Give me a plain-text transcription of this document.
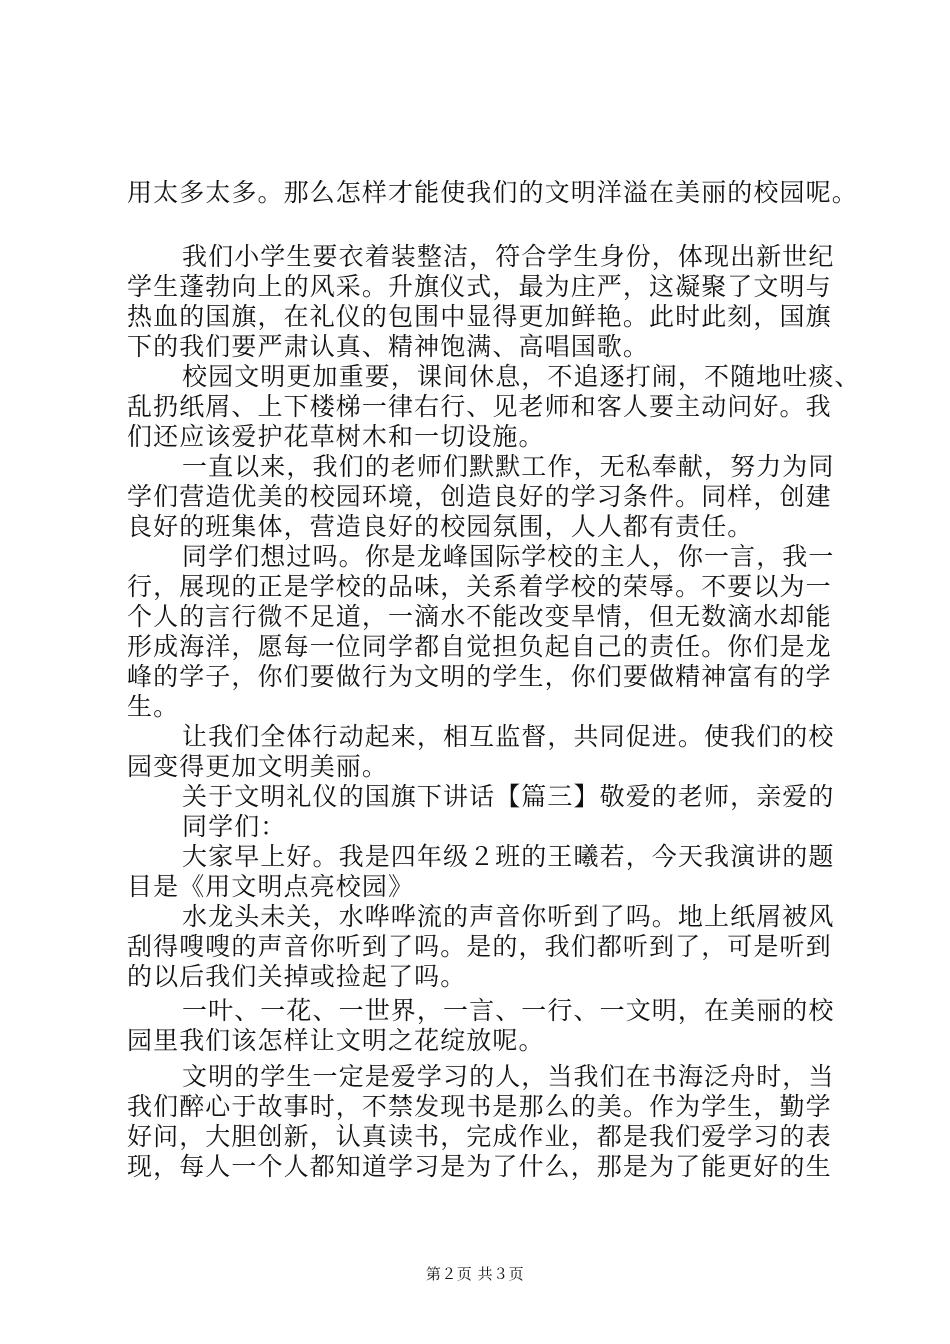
用太多太多。那么怎样才能使我们的文明洋溢在美丽的校园呢。
我们小学生要衣着装整洁，符合学生身份，体现出新世纪
学生蓬勃向上的风采。升旗仪式，最为庄严，这凝聚了文明与
热血的国旗，在礼仪的包围中显得更加鲜艳。此时此刻，国旗
下的我们要严肃认真、精神饱满、高唱国歌。
校园文明更加重要，课间休息，不追逐打闹，不随地吐痰、
乱扔纸屑、上下楼梯一律右行、见老师和客人要主动问好。我
们还应该爱护花草树木和一切设施。
一直以来，我们的老师们默默工作，无私奉献，努力为同
学们营造优美的校园环境，创造良好的学习条件。同样，创建
良好的班集体，营造良好的校园氛围，人人都有责任。
同学们想过吗。你是龙峰国际学校的主人，你一言，我一
行，展现的正是学校的品味，关系着学校的荣辱。不要以为一
个人的言行微不足道，一滴水不能改变旱情，但无数滴水却能
形成海洋，愿每一位同学都自觉担负起自己的责任。你们是龙
峰的学子，你们要做行为文明的学生，你们要做精神富有的学
生。
让我们全体行动起来，相互监督，共同促进。使我们的校
园变得更加文明美丽。
关于文明礼仪的国旗下讲话【篇三】敬爱的老师，亲爱的
同学们：
大家早上好。我是四年级２班的王曦若，今天我演讲的题
目是《用文明点亮校园》
水龙头未关，水哗哗流的声音你听到了吗。地上纸屑被风
刮得嗖嗖的声音你听到了吗。是的，我们都听到了，可是听到
的以后我们关掉或捡起了吗。
一叶、一花、一世界，一言、一行、一文明，在美丽的校
园里我们该怎样让文明之花绽放呢。
文明的学生一定是爱学习的人，当我们在书海泛舟时，当
我们醉心于故事时，不禁发现书是那么的美。作为学生，勤学
好问，大胆创新，认真读书，完成作业，都是我们爱学习的表
现，每人一个人都知道学习是为了什么，那是为了能更好的生
第２页 共３页
